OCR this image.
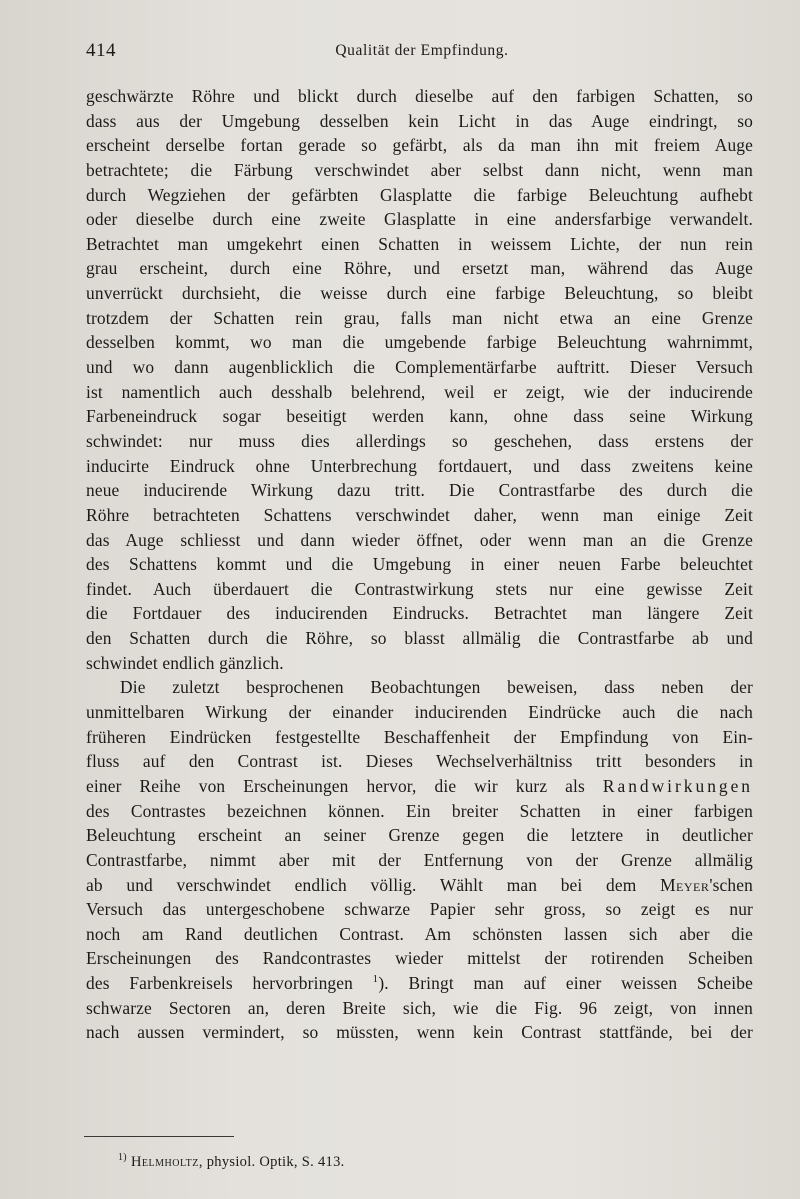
414	Qualität der Empfindung.
geschwärzte Röhre und blickt durch dieselbe auf den farbigen Schatten, so
dass aus der Umgebung desselben kein Licht in das Auge eindringt, so
erscheint derselbe fortan gerade so gefärbt, als da man ihn mit freiem Auge
betrachtete; die Färbung verschwindet aber selbst dann nicht, wenn man
durch Wegziehen der gefärbten Glasplatte die farbige Beleuchtung aufhebt
oder dieselbe durch eine zweite Glasplatte in eine andersfarbige verwandelt.
Betrachtet man umgekehrt einen Schatten in weissem Lichte, der nun rein
grau erscheint, durch eine Röhre, und ersetzt man, während das Auge
unverrückt durchsieht, die weisse durch eine farbige Beleuchtung, so bleibt
trotzdem der Schatten rein grau, falls man nicht etwa an eine Grenze
desselben kommt, wo man die umgebende farbige Beleuchtung wahrnimmt,
und wo dann augenblicklich die Complementärfarbe auftritt. Dieser Versuch
ist namentlich auch desshalb belehrend, weil er zeigt, wie der inducirende
Farbeneindruck sogar beseitigt werden kann, ohne dass seine Wirkung
schwindet: nur muss dies allerdings so geschehen, dass erstens der
inducirte Eindruck ohne Unterbrechung fortdauert, und dass zweitens keine
neue inducirende Wirkung dazu tritt. Die Contrastfarbe des durch die
Röhre betrachteten Schattens verschwindet daher, wenn man einige Zeit
das Auge schliesst und dann wieder öffnet, oder wenn man an die Grenze
des Schattens kommt und die Umgebung in einer neuen Farbe beleuchtet
findet. Auch überdauert die Contrastwirkung stets nur eine gewisse Zeit
die Fortdauer des inducirenden Eindrucks. Betrachtet man längere Zeit
den Schatten durch die Röhre, so blasst allmälig die Contrastfarbe ab und
schwindet endlich gänzlich.
Die zuletzt besprochenen Beobachtungen beweisen, dass neben der
unmittelbaren Wirkung der einander inducirenden Eindrücke auch die nach
früheren Eindrücken festgestellte Beschaffenheit der Empfindung von Ein-
fluss auf den Contrast ist. Dieses Wechselverhältniss tritt besonders in
einer Reihe von Erscheinungen hervor, die wir kurz als Randwirkungen
des Contrastes bezeichnen können. Ein breiter Schatten in einer farbigen
Beleuchtung erscheint an seiner Grenze gegen die letztere in deutlicher
Contrastfarbe, nimmt aber mit der Entfernung von der Grenze allmälig
ab und verschwindet endlich völlig. Wählt man bei dem Meyer'schen
Versuch das untergeschobene schwarze Papier sehr gross, so zeigt es nur
noch am Rand deutlichen Contrast. Am schönsten lassen sich aber die
Erscheinungen des Randcontrastes wieder mittelst der rotirenden Scheiben
des Farbenkreisels hervorbringen $^1$). Bringt man auf einer weissen Scheibe
schwarze Sectoren an, deren Breite sich, wie die Fig. 96 zeigt, von innen
nach aussen vermindert, so müssten, wenn kein Contrast stattfände, bei der
$^{1)}$ Helmholtz, physiol. Optik, S. 413.
